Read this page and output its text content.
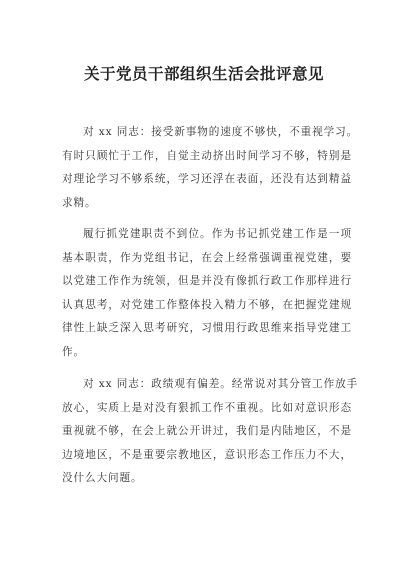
关于党员干部组织生活会批评意见
对 xx 同志：接受新事物的速度不够快，不重视学习。
有时只顾忙于工作，自觉主动挤出时间学习不够，特别是
对理论学习不够系统，学习还浮在表面，还没有达到精益
求精。
履行抓党建职责不到位。作为书记抓党建工作是一项
基本职责，作为党组书记，在会上经常强调重视党建，要
以党建工作作为统领，但是并没有像抓行政工作那样进行
认真思考，对党建工作整体投入精力不够，在把握党建规
律性上缺乏深入思考研究，习惯用行政思维来指导党建工
作。
对 xx 同志：政绩观有偏差。经常说对其分管工作放手
放心，实质上是对没有狠抓工作不重视。比如对意识形态
重视就不够，在会上就公开讲过，我们是内陆地区，不是
边境地区，不是重要宗教地区，意识形态工作压力不大，
没什么大问题。
